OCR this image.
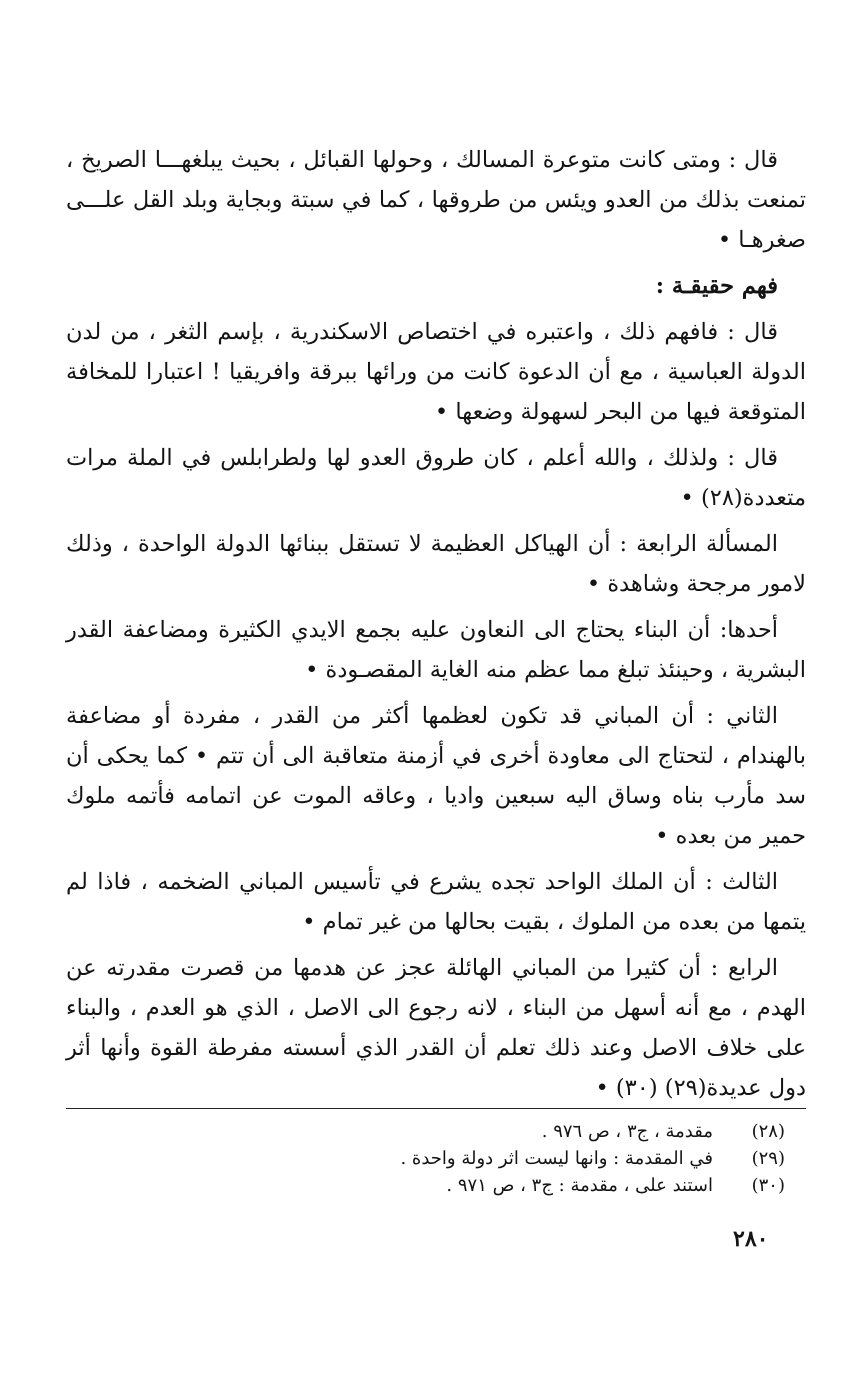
قال : ومتى كانت متوعرة المسالك ، وحولها القبائل ، بحيث يبلغهـــا الصريخ ، تمنعت بذلك من العدو ويئس من طروقها ، كما في سبتة وبجاية وبلد القل علـــى صغرهـا •

فهم حقيقـة :

قال : فافهم ذلك ، واعتبره في اختصاص الاسكندرية ، بإسم الثغر ، من لدن الدولة العباسية ، مع أن الدعوة كانت من ورائها ببرقة وافريقيا ! اعتبارا للمخافة المتوقعة فيها من البحر لسهولة وضعها •

قال : ولذلك ، والله أعلم ، كان طروق العدو لها ولطرابلس في الملة مرات متعددة(٢٨) •

المسألة الرابعة : أن الهياكل العظيمة لا تستقل ببنائها الدولة الواحدة ، وذلك لامور مرجحة وشاهدة •

أحدها: أن البناء يحتاج الى النعاون عليه بجمع الايدي الكثيرة ومضاعفة القدر البشرية ، وحينئذ تبلغ مما عظم منه الغاية المقصـودة •

الثاني : أن المباني قد تكون لعظمها أكثر من القدر ، مفردة أو مضاعفة بالهندام ، لتحتاج الى معاودة أخرى في أزمنة متعاقبة الى أن تتم • كما يحكى أن سد مأرب بناه وساق اليه سبعين واديا ، وعاقه الموت عن اتمامه فأتمه ملوك حمير من بعده •

الثالث : أن الملك الواحد تجده يشرع في تأسيس المباني الضخمه ، فاذا لم يتمها من بعده من الملوك ، بقيت بحالها من غير تمام •

الرابع : أن كثيرا من المباني الهائلة عجز عن هدمها من قصرت مقدرته عن الهدم ، مع أنه أسهل من البناء ، لانه رجوع الى الاصل ، الذي هو العدم ، والبناء على خلاف الاصل وعند ذلك تعلم أن القدر الذي أسسته مفرطة القوة وأنها أثر دول عديدة(٢٩) (٣٠) •

(٢٨)
مقدمة ، ج٣ ، ص ٩٧٦ .
(٢٩)
في المقدمة : وانها ليست اثر دولة واحدة .
(٣٠)
استند على ، مقدمة : ج٣ ، ص ٩٧١ .
٢٨٠
